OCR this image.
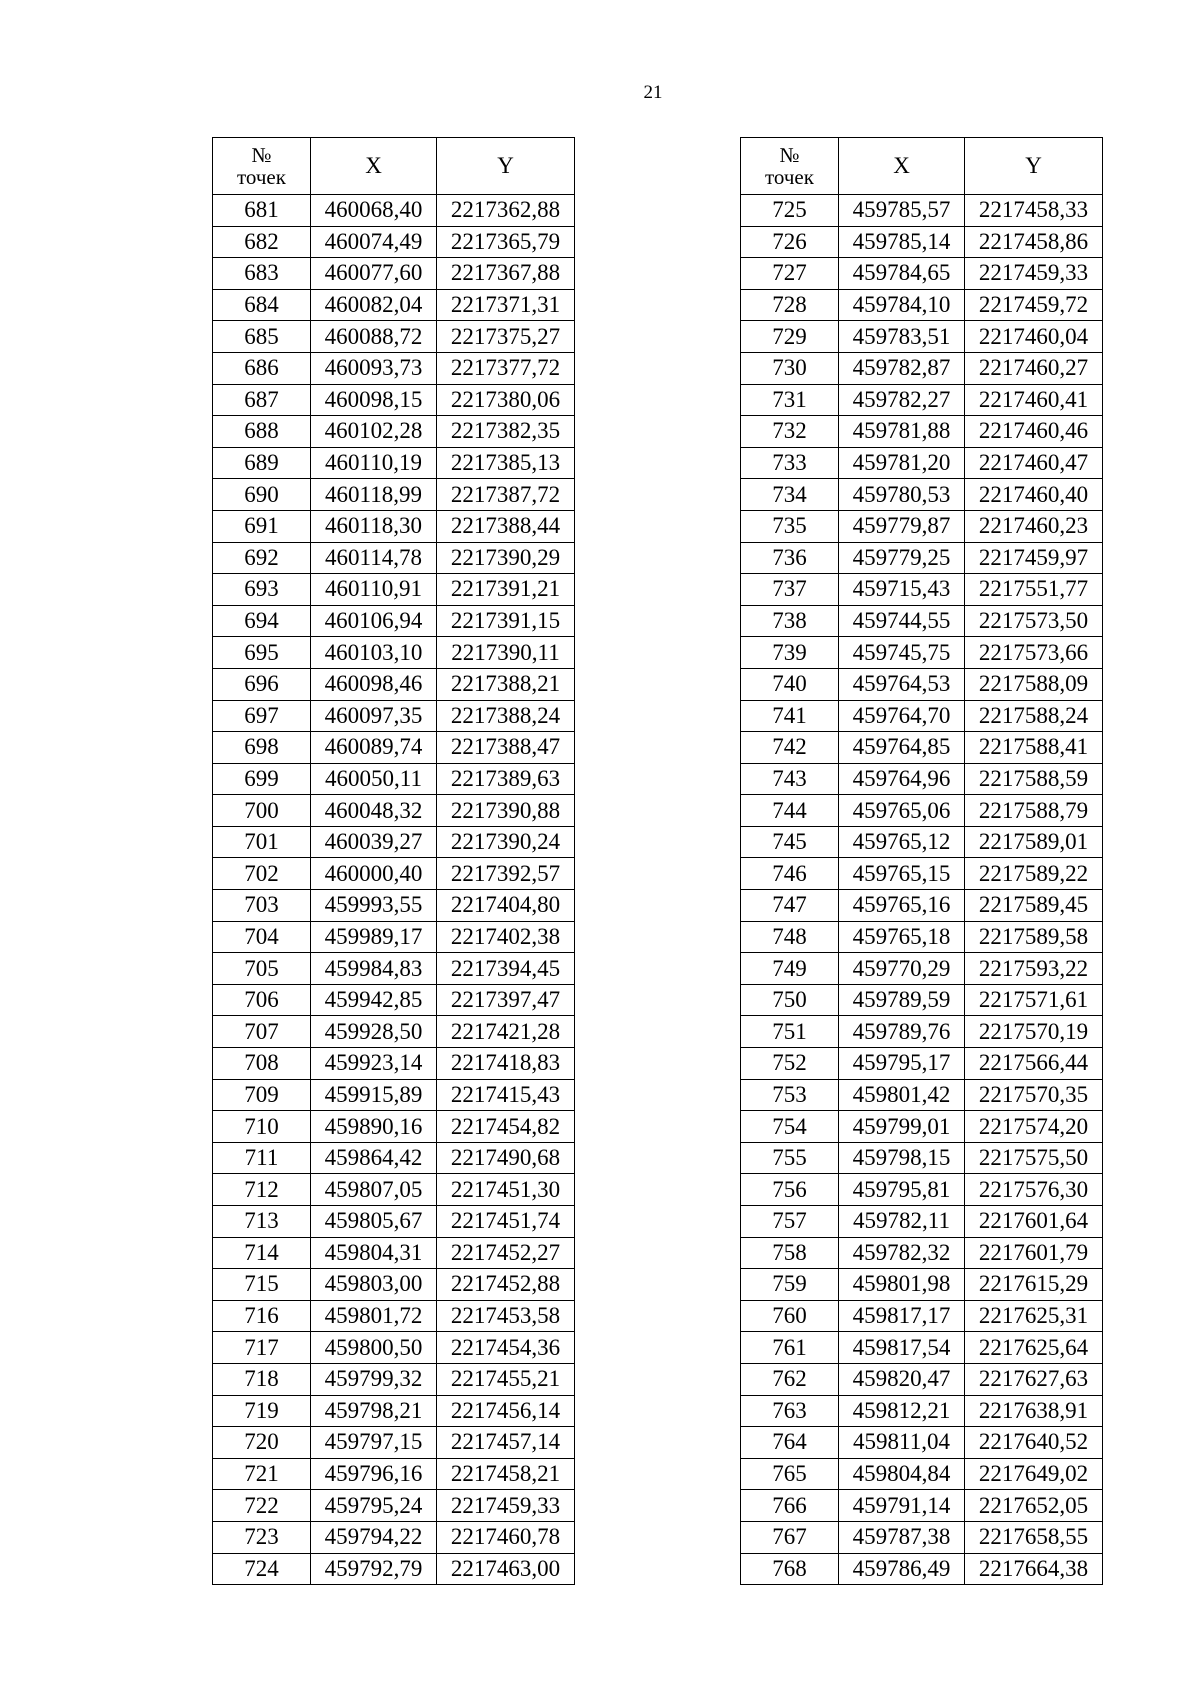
21
№
точек	X	Y
681	460068,40	2217362,88
682	460074,49	2217365,79
683	460077,60	2217367,88
684	460082,04	2217371,31
685	460088,72	2217375,27
686	460093,73	2217377,72
687	460098,15	2217380,06
688	460102,28	2217382,35
689	460110,19	2217385,13
690	460118,99	2217387,72
691	460118,30	2217388,44
692	460114,78	2217390,29
693	460110,91	2217391,21
694	460106,94	2217391,15
695	460103,10	2217390,11
696	460098,46	2217388,21
697	460097,35	2217388,24
698	460089,74	2217388,47
699	460050,11	2217389,63
700	460048,32	2217390,88
701	460039,27	2217390,24
702	460000,40	2217392,57
703	459993,55	2217404,80
704	459989,17	2217402,38
705	459984,83	2217394,45
706	459942,85	2217397,47
707	459928,50	2217421,28
708	459923,14	2217418,83
709	459915,89	2217415,43
710	459890,16	2217454,82
711	459864,42	2217490,68
712	459807,05	2217451,30
713	459805,67	2217451,74
714	459804,31	2217452,27
715	459803,00	2217452,88
716	459801,72	2217453,58
717	459800,50	2217454,36
718	459799,32	2217455,21
719	459798,21	2217456,14
720	459797,15	2217457,14
721	459796,16	2217458,21
722	459795,24	2217459,33
723	459794,22	2217460,78
724	459792,79	2217463,00
№
точек	X	Y
725	459785,57	2217458,33
726	459785,14	2217458,86
727	459784,65	2217459,33
728	459784,10	2217459,72
729	459783,51	2217460,04
730	459782,87	2217460,27
731	459782,27	2217460,41
732	459781,88	2217460,46
733	459781,20	2217460,47
734	459780,53	2217460,40
735	459779,87	2217460,23
736	459779,25	2217459,97
737	459715,43	2217551,77
738	459744,55	2217573,50
739	459745,75	2217573,66
740	459764,53	2217588,09
741	459764,70	2217588,24
742	459764,85	2217588,41
743	459764,96	2217588,59
744	459765,06	2217588,79
745	459765,12	2217589,01
746	459765,15	2217589,22
747	459765,16	2217589,45
748	459765,18	2217589,58
749	459770,29	2217593,22
750	459789,59	2217571,61
751	459789,76	2217570,19
752	459795,17	2217566,44
753	459801,42	2217570,35
754	459799,01	2217574,20
755	459798,15	2217575,50
756	459795,81	2217576,30
757	459782,11	2217601,64
758	459782,32	2217601,79
759	459801,98	2217615,29
760	459817,17	2217625,31
761	459817,54	2217625,64
762	459820,47	2217627,63
763	459812,21	2217638,91
764	459811,04	2217640,52
765	459804,84	2217649,02
766	459791,14	2217652,05
767	459787,38	2217658,55
768	459786,49	2217664,38
